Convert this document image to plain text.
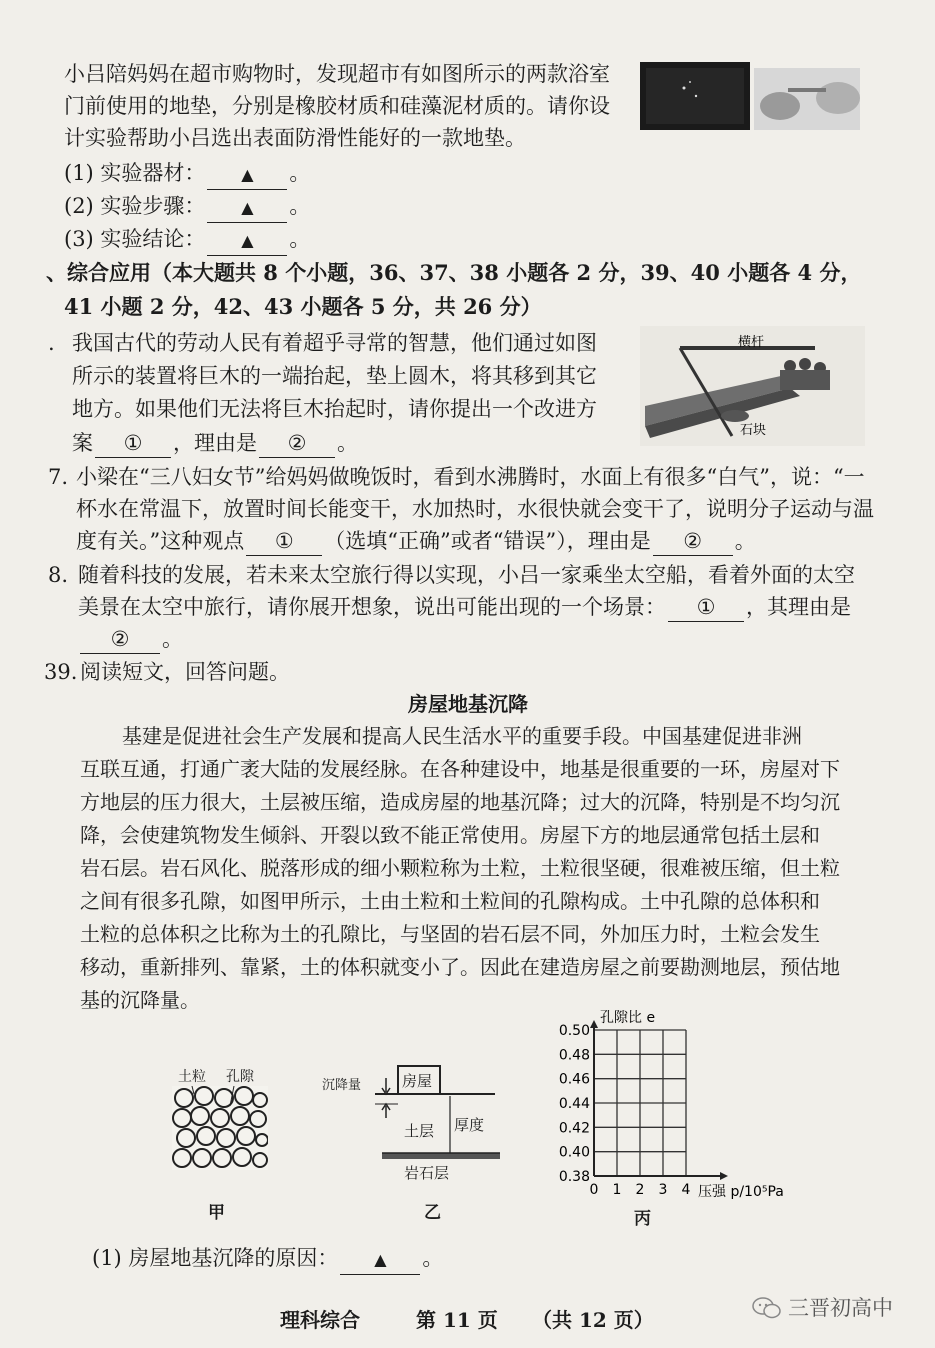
小吕陪妈妈在超市购物时，发现超市有如图所示的两款浴室
门前使用的地垫，分别是橡胶材质和硅藻泥材质的。请你设
计实验帮助小吕选出表面防滑性能好的一款地垫。
(1) 实验器材： ▲ 。
(2) 实验步骤： ▲ 。
(3) 实验结论： ▲ 。
、综合应用（本大题共 8 个小题，36、37、38 小题各 2 分，39、40 小题各 4 分，
41 小题 2 分，42、43 小题各 5 分，共 26 分）
. 我国古代的劳动人民有着超乎寻常的智慧，他们通过如图
所示的装置将巨木的一端抬起，垫上圆木，将其移到其它
地方。如果他们无法将巨木抬起时，请你提出一个改进方
案 ① ，理由是 ② 。
横杆
石块
7. 小梁在“三八妇女节”给妈妈做晚饭时，看到水沸腾时，水面上有很多“白气”，说：“一
杯水在常温下，放置时间长能变干，水加热时，水很快就会变干了，说明分子运动与温
度有关。”这种观点 ① （选填“正确”或者“错误”），理由是 ② 。
8. 随着科技的发展，若未来太空旅行得以实现，小吕一家乘坐太空船，看着外面的太空
美景在太空中旅行，请你展开想象，说出可能出现的一个场景： ① ，其理由是
② 。
39. 阅读短文，回答问题。
房屋地基沉降
基建是促进社会生产发展和提高人民生活水平的重要手段。中国基建促进非洲
互联互通，打通广袤大陆的发展经脉。在各种建设中，地基是很重要的一环，房屋对下
方地层的压力很大，土层被压缩，造成房屋的地基沉降；过大的沉降，特别是不均匀沉
降，会使建筑物发生倾斜、开裂以致不能正常使用。房屋下方的地层通常包括土层和
岩石层。岩石风化、脱落形成的细小颗粒称为土粒，土粒很坚硬，很难被压缩，但土粒
之间有很多孔隙，如图甲所示，土由土粒和土粒间的孔隙构成。土中孔隙的总体积和
土粒的总体积之比称为土的孔隙比，与坚固的岩石层不同，外加压力时，土粒会发生
移动，重新排列、靠紧，土的体积就变小了。因此在建造房屋之前要勘测地层，预估地
基的沉降量。
土粒 孔隙
甲
沉降量	房屋
土层 厚度
岩石层
乙
0.38
0.40
0.42
0.44
0.46
0.48
0.50
0 1 2 3 4
孔隙比 e
压强 p/10⁵Pa
丙
(1) 房屋地基沉降的原因： ▲ 。
理科综合	第 11 页 （共 12 页）	三晋初高中
